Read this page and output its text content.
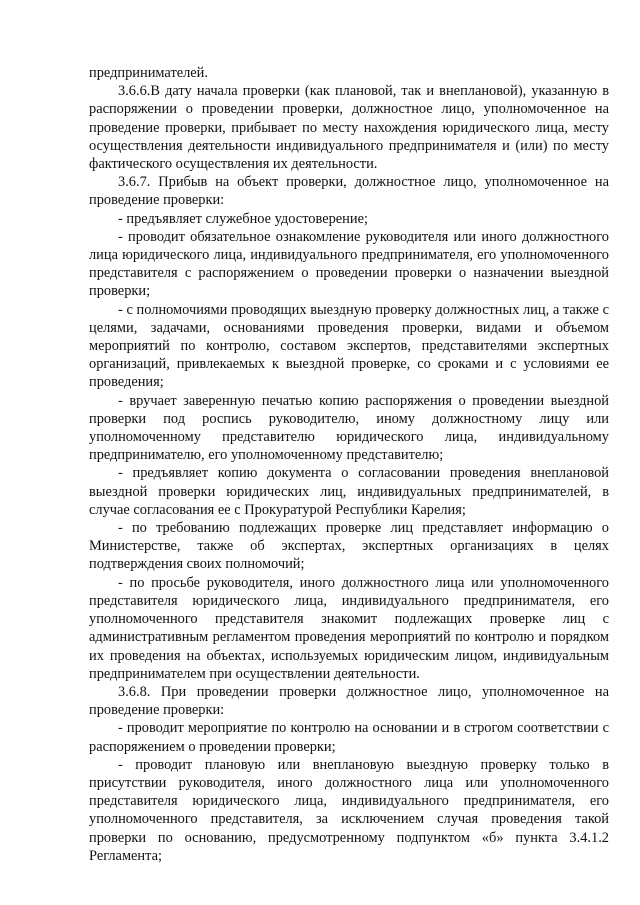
предпринимателей.

3.6.6.В дату начала проверки (как плановой, так и внеплановой), указанную в распоряжении о проведении проверки, должностное лицо, уполномоченное на проведение проверки, прибывает по месту нахождения юридического лица, месту осуществления деятельности индивидуального предпринимателя и (или) по месту фактического осуществления их деятельности.

3.6.7. Прибыв на объект проверки, должностное лицо, уполномоченное на проведение проверки:

- предъявляет служебное удостоверение;

- проводит обязательное ознакомление руководителя или иного должностного лица юридического лица, индивидуального предпринимателя, его уполномоченного представителя с распоряжением о проведении проверки о назначении выездной проверки;

- с полномочиями проводящих выездную проверку должностных лиц, а также с целями, задачами, основаниями проведения проверки, видами и объемом мероприятий по контролю, составом экспертов, представителями экспертных организаций, привлекаемых к выездной проверке, со сроками и с условиями ее проведения;

- вручает заверенную печатью копию распоряжения о проведении выездной проверки под роспись руководителю, иному должностному лицу или уполномоченному представителю юридического лица, индивидуальному предпринимателю, его уполномоченному представителю;

- предъявляет копию документа о согласовании проведения внеплановой выездной проверки юридических лиц, индивидуальных предпринимателей, в случае согласования ее с Прокуратурой Республики Карелия;

- по требованию подлежащих проверке лиц представляет информацию о Министерстве, также об экспертах, экспертных организациях в целях подтверждения своих полномочий;

- по просьбе руководителя, иного должностного лица или уполномоченного представителя юридического лица, индивидуального предпринимателя, его уполномоченного представителя знакомит подлежащих проверке лиц с административным регламентом проведения мероприятий по контролю и порядком их проведения на объектах, используемых юридическим лицом, индивидуальным предпринимателем при осуществлении деятельности.

3.6.8. При проведении проверки должностное лицо, уполномоченное на проведение проверки:

- проводит мероприятие по контролю на основании и в строгом соответствии с распоряжением о проведении проверки;

- проводит плановую или внеплановую выездную проверку только в присутствии руководителя, иного должностного лица или уполномоченного представителя юридического лица, индивидуального предпринимателя, его уполномоченного представителя, за исключением случая проведения такой проверки по основанию, предусмотренному подпунктом «б» пункта 3.4.1.2 Регламента;
